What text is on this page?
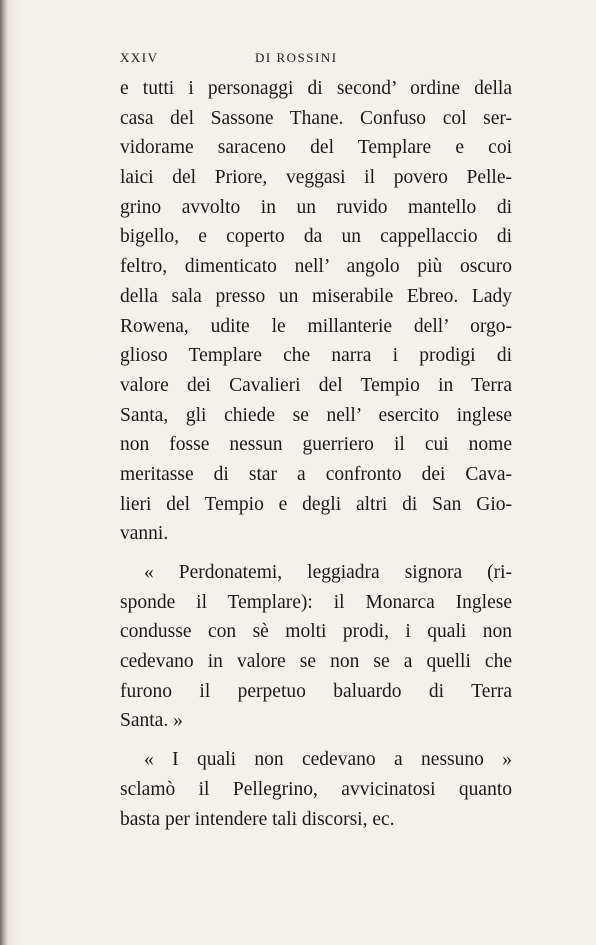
XXIV	DI ROSSINI
e tutti i personaggi di second’ ordine della
casa del Sassone Thane. Confuso col ser-
vidorame saraceno del Templare e coi
laici del Priore, veggasi il povero Pelle-
grino avvolto in un ruvido mantello di
bigello, e coperto da un cappellaccio di
feltro, dimenticato nell’ angolo più oscuro
della sala presso un miserabile Ebreo. Lady
Rowena, udite le millanterie dell’ orgo-
glioso Templare che narra i prodigi di
valore dei Cavalieri del Tempio in Terra
Santa, gli chiede se nell’ esercito inglese
non fosse nessun guerriero il cui nome
meritasse di star a confronto dei Cava-
lieri del Tempio e degli altri di San Gio-
vanni.
« Perdonatemi, leggiadra signora (ri-
sponde il Templare): il Monarca Inglese
condusse con sè molti prodi, i quali non
cedevano in valore se non se a quelli che
furono il perpetuo baluardo di Terra
Santa. »
« I quali non cedevano a nessuno »
sclamò il Pellegrino, avvicinatosi quanto
basta per intendere tali discorsi, ec.
